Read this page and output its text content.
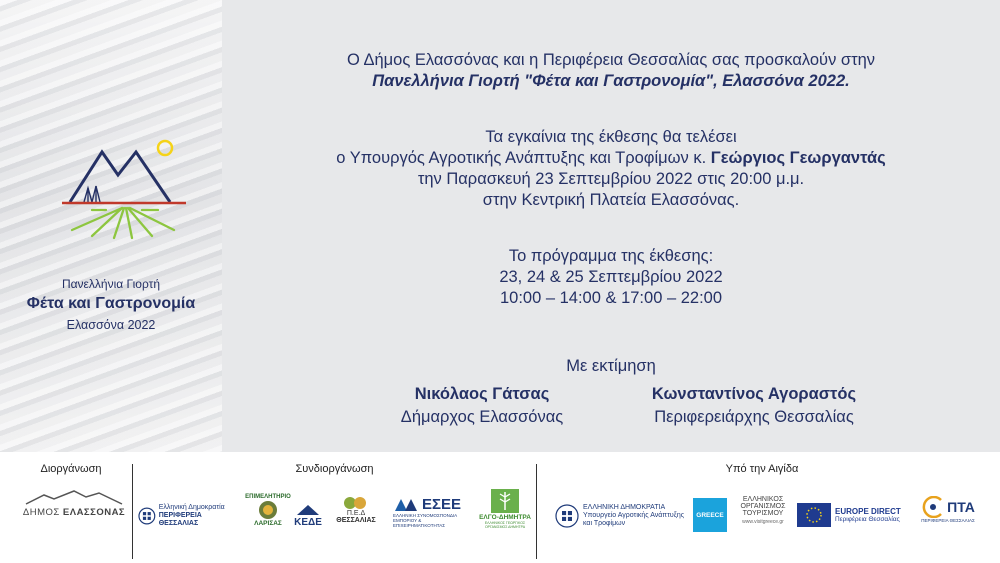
Πανελλήνια Γιορτή
Φέτα και Γαστρονομία
Ελασσόνα 2022
Ο Δήμος Ελασσόνας και η Περιφέρεια Θεσσαλίας σας προσκαλούν στην
Πανελλήνια Γιορτή "Φέτα και Γαστρονομία", Ελασσόνα 2022.
Τα εγκαίνια της έκθεσης θα τελέσει
ο Υπουργός Αγροτικής Ανάπτυξης και Τροφίμων κ. Γεώργιος Γεωργαντάς
την Παρασκευή 23 Σεπτεμβρίου 2022 στις 20:00 μ.μ.
στην Κεντρική Πλατεία Ελασσόνας.
Το πρόγραμμα της έκθεσης:
23, 24 & 25 Σεπτεμβρίου 2022
10:00 – 14:00 & 17:00 – 22:00
Με εκτίμηση
Νικόλαος Γάτσας
Δήμαρχος Ελασσόνας
Κωνσταντίνος Αγοραστός
Περιφερειάρχης Θεσσαλίας
Διοργάνωση	Συνδιοργάνωση	Υπό την Αιγίδα
ΔΗΜΟΣ ΕΛΑΣΣΟΝΑΣ	Ελληνική Δημοκρατία
ΠΕΡΙΦΕΡΕΙΑ ΘΕΣΣΑΛΙΑΣ
ΕΠΙΜΕΛΗΤΗΡΙΟ
ΛΑΡΙΣΑΣ ΚΕΔΕ
Π.Ε.Δ
ΘΕΣΣΑΛΙΑΣ
ΕΣΕΕ
ΕΛΛΗΝΙΚΗ ΣΥΝΟΜΟΣΠΟΝΔΙΑ ΕΜΠΟΡΙΟΥ & ΕΠΙΧΕΙΡΗΜΑΤΙΚΟΤΗΤΑΣ
ΕΛΓΟ-ΔΗΜΗΤΡΑ
ΕΛΛΗΝΙΚΟΣ ΓΕΩΡΓΙΚΟΣ ΟΡΓΑΝΙΣΜΟΣ ΔΗΜΗΤΡΑ
ΕΛΛΗΝΙΚΗ ΔΗΜΟΚΡΑΤΙΑ
Υπουργείο Αγροτικής Ανάπτυξης
και Τροφίμων
GREECE
ΕΛΛΗΝΙΚΟΣ
ΟΡΓΑΝΙΣΜΟΣ
ΤΟΥΡΙΣΜΟΥ
www.visitgreece.gr
EUROPE DIRECT
Περιφέρεια Θεσσαλίας
ΠΤΑ
ΠΕΡΙΦΕΡΕΙΑ ΘΕΣΣΑΛΙΑΣ
